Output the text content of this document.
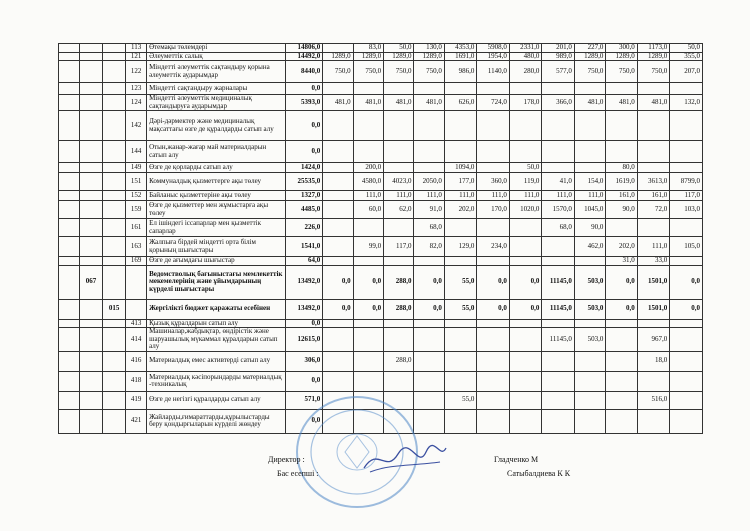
			113	Өтемақы төлемдері	14806,0		83,0	50,0	130,0	4353,0	5908,0	2331,0	201,0	227,0	300,0	1173,0	50,0
			121	Әлеуметтік салық	14492,0	1289,0	1289,0	1289,0	1289,0	1691,0	1954,0	480,0	989,0	1289,0	1289,0	1289,0	355,0
			122	Міндетті әлеуметтік сақтандыру қорына әлеуметтік аударымдар	8440,0	750,0	750,0	750,0	750,0	986,0	1140,0	280,0	577,0	750,0	750,0	750,0	207,0
			123	Міндетті сақтандыру жарналары	0,0												
			124	Міндетті әлеуметтік медициналық сақтандыруға аударымдар	5393,0	481,0	481,0	481,0	481,0	626,0	724,0	178,0	366,0	481,0	481,0	481,0	132,0
			142	Дәрі-дәрмектер және медициналық мақсаттағы өзге де құралдарды сатып алу	0,0												
			144	Отын,жанар-жағар май материалдарын сатып алу	0,0												
			149	Өзге де қорларды сатып алу	1424,0		200,0			1094,0		50,0			80,0		
			151	Коммуналдық қызметтерге ақы төлеу	25535,0		4580,0	4023,0	2050,0	177,0	360,0	119,0	41,0	154,0	1619,0	3613,0	8799,0
			152	Байланыс қызметтеріне ақы төлеу	1327,0		111,0	111,0	111,0	111,0	111,0	111,0	111,0	111,0	161,0	161,0	117,0
			159	Өзге де қызметтер мен жұмыстарға ақы төлеу	4485,0		60,0	62,0	91,0	202,0	170,0	1020,0	1570,0	1045,0	90,0	72,0	103,0
			161	Ел ішіндегі іссапарлар мен қызметтік сапарлар	226,0				68,0				68,0	90,0			
			163	Жалпыға бірдей міндетті орта білім қорының шығыстары	1541,0		99,0	117,0	82,0	129,0	234,0			462,0	202,0	111,0	105,0
			169	Өзге де ағымдағы шығыстар	64,0										31,0	33,0	
	067			Ведомстволық бағыныстағы мемлекеттік мекемелерінің және ұйымдарының күрделі шығыстары	13492,0	0,0	0,0	288,0	0,0	55,0	0,0	0,0	11145,0	503,0	0,0	1501,0	0,0
		015		Жергілікті бюджет қаражаты есебінен	13492,0	0,0	0,0	288,0	0,0	55,0	0,0	0,0	11145,0	503,0	0,0	1501,0	0,0
			413	Қызық құралдарын сатып алу	0,0												
			414	Машиналар,жабдықтар, өндірістік және шаруашылық мүкаммал құралдарын сатып алу	12615,0								11145,0	503,0		967,0	
			416	Материалдық емес активтерді сатып алу	306,0			288,0								18,0	
			418	Материалдық кәсіпорындарды материалдық -техникалық	0,0												
			419	Өзге де негізгі құралдарды сатып алу	571,0					55,0						516,0	
			421	Жайларды,ғимараттарды,құрылыстарды беру қондырғыларын күрделі жөндеу	0,0												
Директор :	Гладченко М
Бас есепші :	Сатыбалдиева К К
